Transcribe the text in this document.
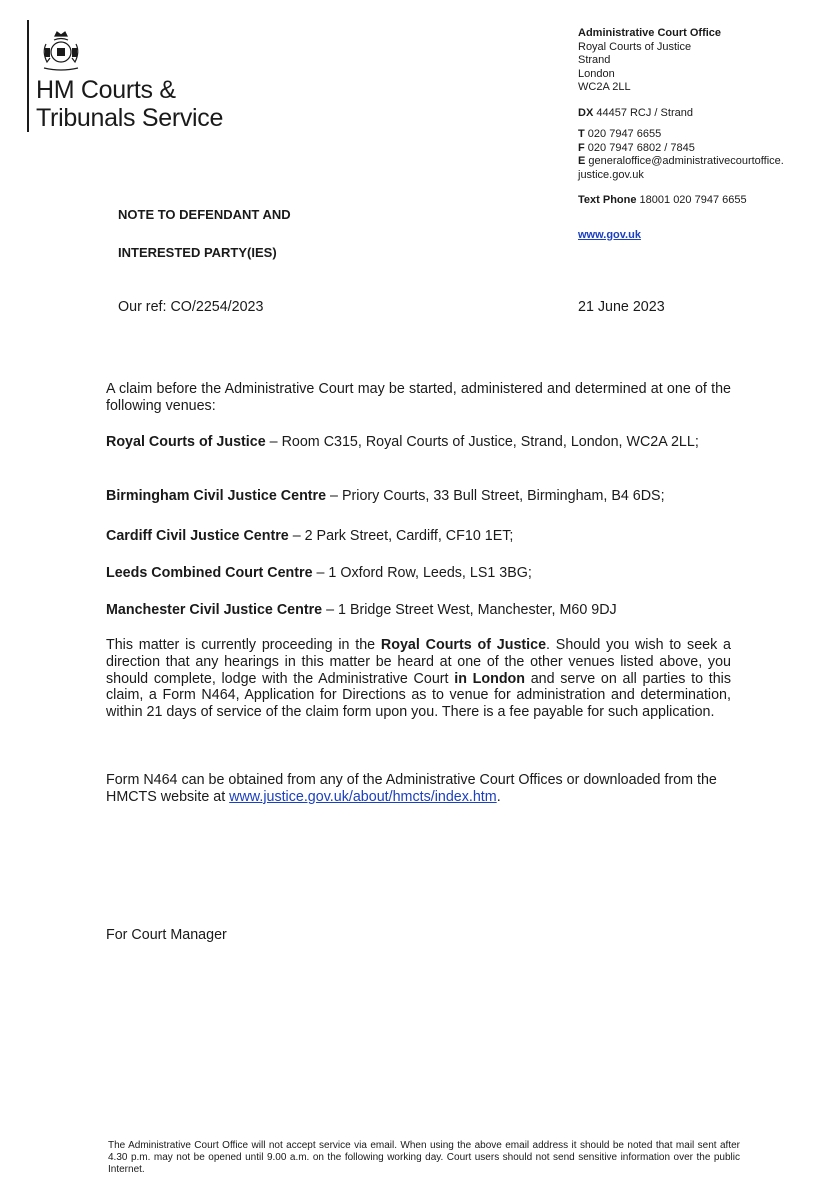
HM Courts &
Tribunals Service
Administrative Court Office
Royal Courts of Justice
Strand
London
WC2A 2LL
DX 44457 RCJ / Strand
T 020 7947 6655
F 020 7947 6802 / 7845
E generaloffice@administrativecourtoffice.
justice.gov.uk
Text Phone 18001 020 7947 6655
www.gov.uk
NOTE TO DEFENDANT AND
INTERESTED PARTY(IES)
Our ref: CO/2254/2023	21 June 2023
A claim before the Administrative Court may be started, administered and determined at one of the following venues:
Royal Courts of Justice – Room C315, Royal Courts of Justice, Strand, London, WC2A 2LL;
Birmingham Civil Justice Centre – Priory Courts, 33 Bull Street, Birmingham, B4 6DS;
Cardiff Civil Justice Centre – 2 Park Street, Cardiff, CF10 1ET;
Leeds Combined Court Centre – 1 Oxford Row, Leeds, LS1 3BG;
Manchester Civil Justice Centre – 1 Bridge Street West, Manchester, M60 9DJ
This matter is currently proceeding in the Royal Courts of Justice. Should you wish to seek a direction that any hearings in this matter be heard at one of the other venues listed above, you should complete, lodge with the Administrative Court in London and serve on all parties to this claim, a Form N464, Application for Directions as to venue for administration and determination, within 21 days of service of the claim form upon you. There is a fee payable for such application.
Form N464 can be obtained from any of the Administrative Court Offices or downloaded from the HMCTS website at www.justice.gov.uk/about/hmcts/index.htm.
For Court Manager
The Administrative Court Office will not accept service via email. When using the above email address it should be noted that mail sent after 4.30 p.m. may not be opened until 9.00 a.m. on the following working day. Court users should not send sensitive information over the public Internet.
